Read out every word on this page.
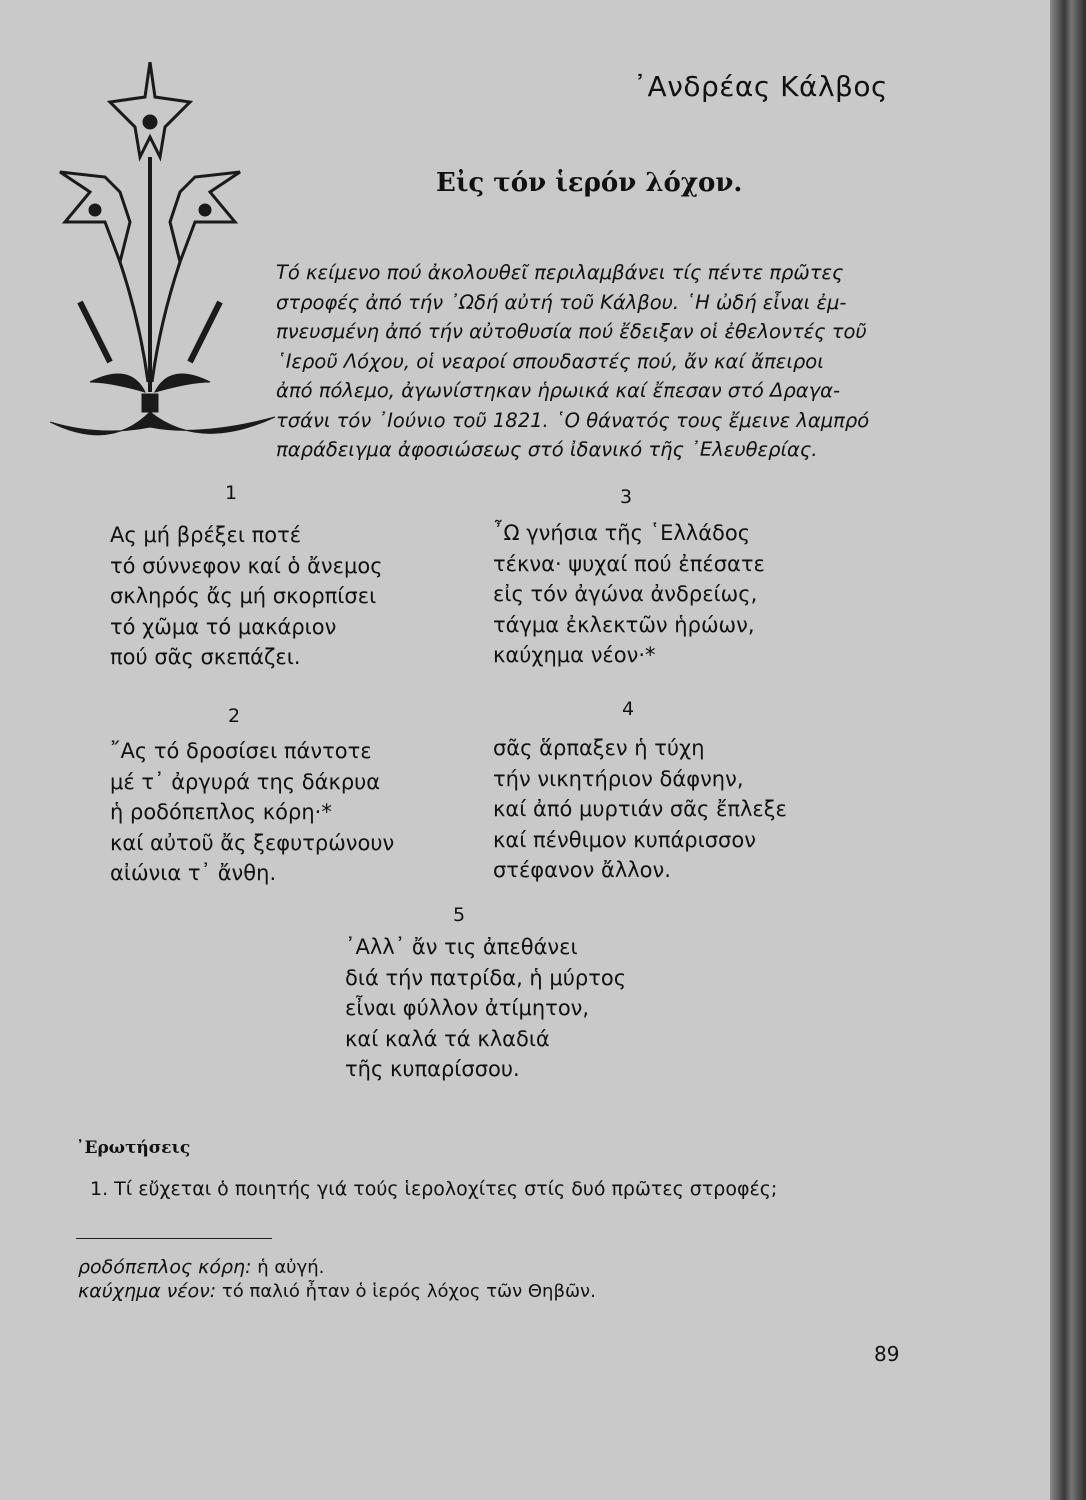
᾿Ανδρέας Κάλβος
Εἰς τόν ἱερόν λόχον.
Τό κείμενο πού ἀκολουθεῖ περιλαμβάνει τίς πέντε πρῶτες
στροφές ἀπό τήν ᾿Ωδή αὐτή τοῦ Κάλβου. ῾Η ὠδή εἶναι ἐμ-
πνευσμένη ἀπό τήν αὐτοθυσία πού ἔδειξαν οἱ ἐθελοντές τοῦ
῾Ιεροῦ Λόχου, οἱ νεαροί σπουδαστές πού, ἄν καί ἄπειροι
ἀπό πόλεμο, ἀγωνίστηκαν ἡρωικά καί ἔπεσαν στό Δραγα-
τσάνι τόν ᾿Ιούνιο τοῦ 1821. ῾Ο θάνατός τους ἔμεινε λαμπρό
παράδειγμα ἀφοσιώσεως στό ἰδανικό τῆς ᾿Ελευθερίας.
1
Ας μή βρέξει ποτέ
τό σύννεφον καί ὁ ἄνεμος
σκληρός ἄς μή σκορπίσει
τό χῶμα τό μακάριον
πού σᾶς σκεπάζει.
2
῎Ας τό δροσίσει πάντοτε
μέ τ᾿ ἀργυρά της δάκρυα
ἡ ροδόπεπλος κόρη·*
καί αὐτοῦ ἄς ξεφυτρώνουν
αἰώνια τ᾿ ἄνθη.
3
῏Ω γνήσια τῆς ῾Ελλάδος
τέκνα· ψυχαί πού ἐπέσατε
εἰς τόν ἀγώνα ἀνδρείως,
τάγμα ἐκλεκτῶν ἡρώων,
καύχημα νέον·*
4
σᾶς ἅρπαξεν ἡ τύχη
τήν νικητήριον δάφνην,
καί ἀπό μυρτιάν σᾶς ἔπλεξε
καί πένθιμον κυπάρισσον
στέφανον ἄλλον.
5
᾿Αλλ᾿ ἄν τις ἀπεθάνει
διά τήν πατρίδα, ἡ μύρτος
εἶναι φύλλον ἀτίμητον,
καί καλά τά κλαδιά
τῆς κυπαρίσσου.
᾿Ερωτήσεις
1. Τί εὔχεται ὁ ποιητής γιά τούς ἱερολοχίτες στίς δυό πρῶτες στροφές;
ροδόπεπλος κόρη: ἡ αὐγή.
καύχημα νέον: τό παλιό ἦταν ὁ ἱερός λόχος τῶν Θηβῶν.
89
